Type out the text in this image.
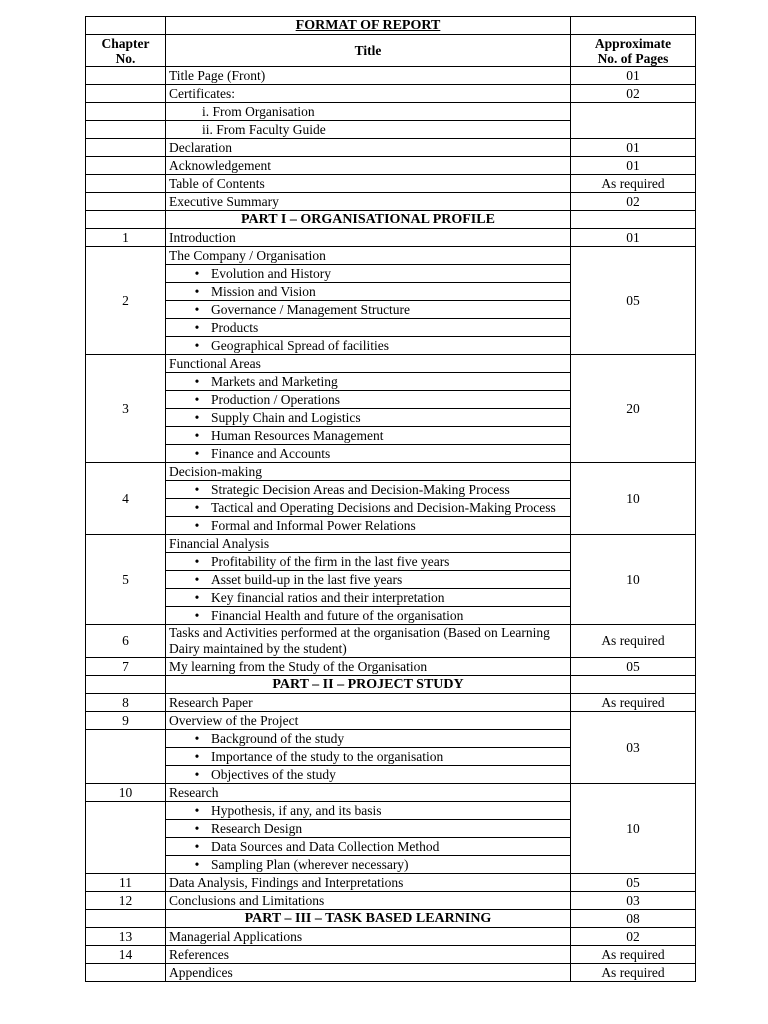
	FORMAT OF REPORT	
Chapter
No.	Title	Approximate
No. of Pages
	Title Page (Front)	01
	Certificates:	02
	i. From Organisation	
	ii. From Faculty Guide	
	Declaration	01
	Acknowledgement	01
	Table of Contents	As required
	Executive Summary	02
	PART I – ORGANISATIONAL PROFILE	
1	Introduction	01
2	The Company / Organisation	05

	• Evolution and History	

	• Mission and Vision	

	• Governance / Management Structure	

	• Products	

	• Geographical Spread of facilities	

3	Functional Areas	20

	• Markets and Marketing	

	• Production / Operations	

	• Supply Chain and Logistics	

	• Human Resources Management	

	• Finance and Accounts	

4	Decision-making	10

	• Strategic Decision Areas and Decision-Making Process	

	• Tactical and Operating Decisions and Decision-Making Process	

	• Formal and Informal Power Relations	

5	Financial Analysis	10

	• Profitability of the firm in the last five years	

	• Asset build-up in the last five years	

	• Key financial ratios and their interpretation	

	• Financial Health and future of the organisation	

6	Tasks and Activities performed at the organisation (Based on Learning Dairy maintained by the student)	As required
7	My learning from the Study of the Organisation	05
	PART – II – PROJECT STUDY	
8	Research Paper	As required
9	Overview of the Project	03

	• Background of the study	

	• Importance of the study to the organisation	

	• Objectives of the study	

10	Research	10

	• Hypothesis, if any, and its basis	

	• Research Design	

	• Data Sources and Data Collection Method	

	• Sampling Plan (wherever necessary)	

11	Data Analysis, Findings and Interpretations	05
12	Conclusions and Limitations	03
	PART – III – TASK BASED LEARNING	08
13	Managerial Applications	02
14	References	As required
	Appendices	As required
